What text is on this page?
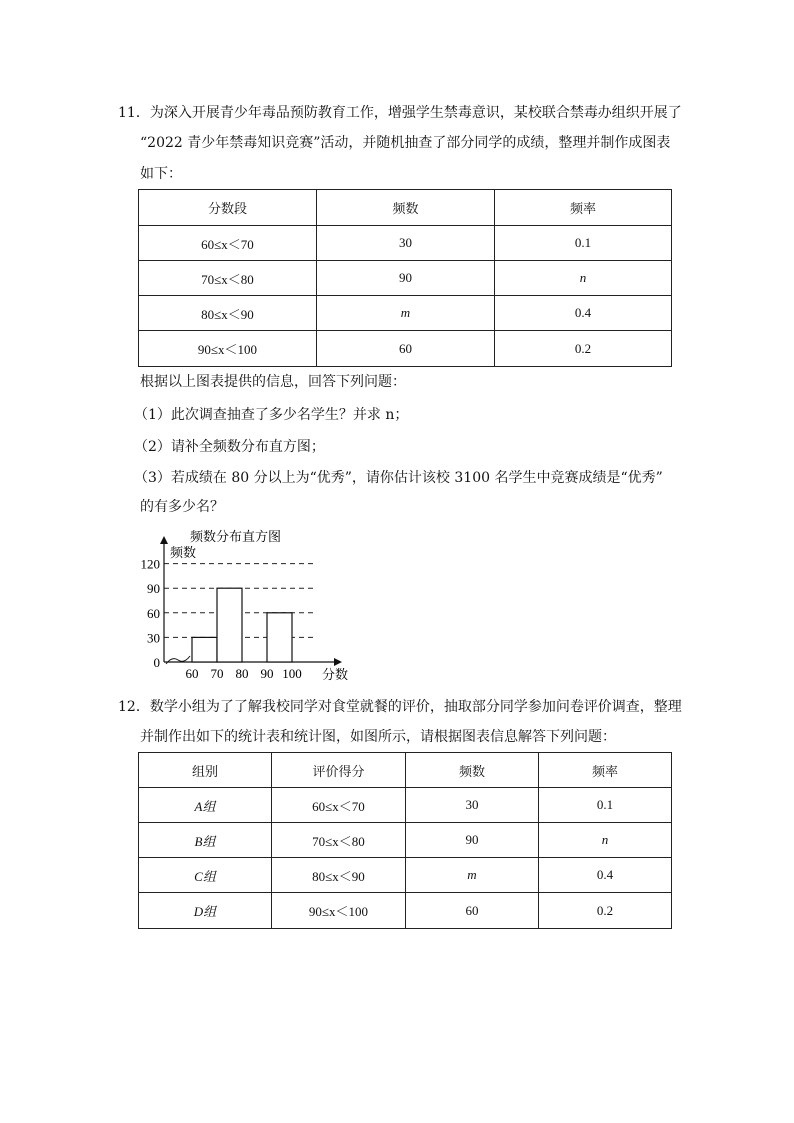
11．为深入开展青少年毒品预防教育工作，增强学生禁毒意识，某校联合禁毒办组织开展了
“2022 青少年禁毒知识竞赛”活动，并随机抽查了部分同学的成绩，整理并制作成图表
如下：
分数段	频数	频率
60≤x＜70	30	0.1
70≤x＜80	90	n
80≤x＜90	m	0.4
90≤x＜100	60	0.2
根据以上图表提供的信息，回答下列问题：
（1）此次调查抽查了多少名学生？并求 n；
（2）请补全频数分布直方图；
（3）若成绩在 80 分以上为“优秀”，请你估计该校 3100 名学生中竞赛成绩是“优秀”
的有多少名？
频数分布直方图
频数
分数
120
90
60
30
0
60 70 80 90 100
12．数学小组为了了解我校同学对食堂就餐的评价，抽取部分同学参加问卷评价调查，整理
并制作出如下的统计表和统计图，如图所示，请根据图表信息解答下列问题：
组别	评价得分	频数	频率
A组	60≤x＜70	30	0.1
B组	70≤x＜80	90	n
C组	80≤x＜90	m	0.4
D组	90≤x＜100	60	0.2
